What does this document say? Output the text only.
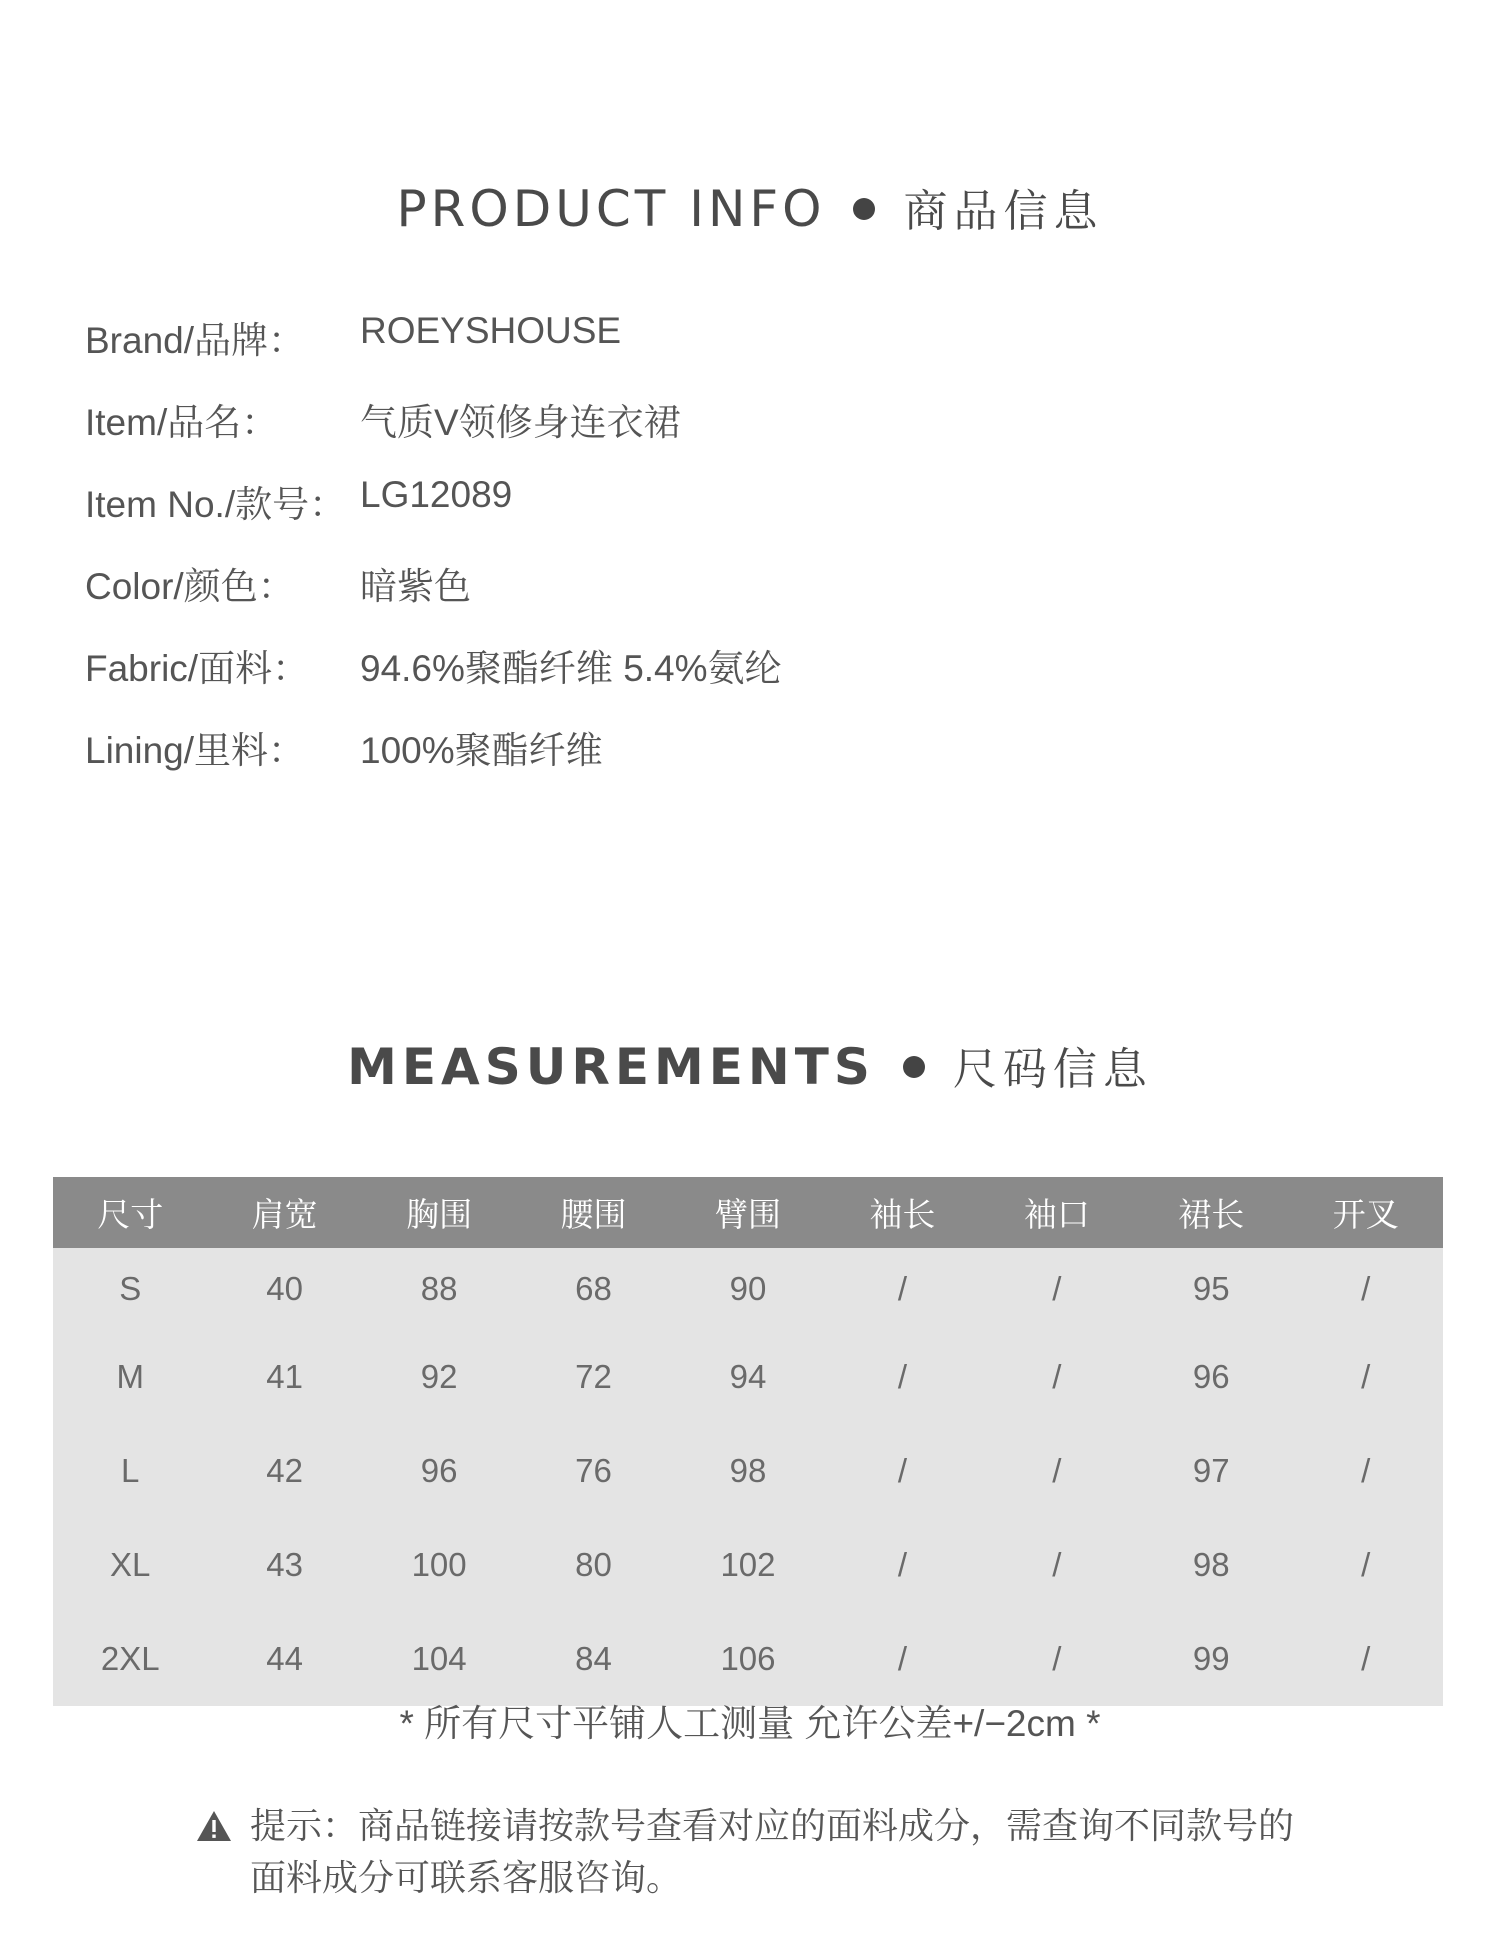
PRODUCT INFO 商品信息
Brand/品牌： ROEYSHOUSE
Item/品名： 气质V领修身连衣裙
Item No./款号： LG12089
Color/颜色： 暗紫色
Fabric/面料： 94.6%聚酯纤维 5.4%氨纶
Lining/里料： 100%聚酯纤维
MEASUREMENTS 尺码信息
尺寸	肩宽	胸围	腰围	臂围	袖长	袖口	裙长	开叉
S	40	88	68	90	/	/	95	/
M	41	92	72	94	/	/	96	/
L	42	96	76	98	/	/	97	/
XL	43	100	80	102	/	/	98	/
2XL	44	104	84	106	/	/	99	/
* 所有尺寸平铺人工测量 允许公差+/−2cm *
提示：商品链接请按款号查看对应的面料成分，需查询不同款号的面料成分可联系客服咨询。
